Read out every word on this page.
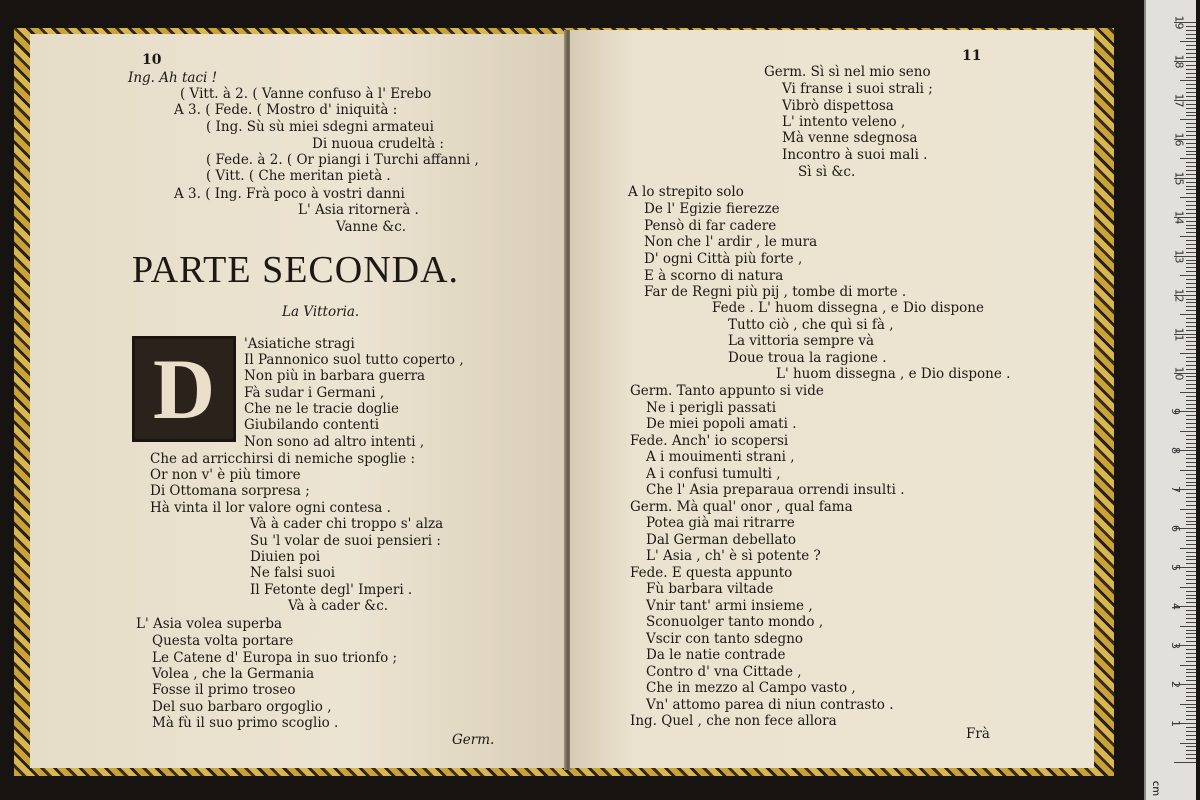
10
Ing. Ah taci !
( Vitt. à 2. ( Vanne confuso à l' Erebo
A 3. ( Fede. ( Mostro d' iniquità :
( Ing. Sù sù miei sdegni armateui
Di nuoua crudeltà :
( Fede. à 2. ( Or piangi i Turchi affanni ,
( Vitt. ( Che meritan pietà .
A 3. ( Ing. Frà poco à vostri danni
L' Asia ritornerà .
Vanne &c.
PARTE SECONDA.
La Vittoria.
D 'Asiatiche stragi
Il Pannonico suol tutto coperto ,
Non più in barbara guerra
Fà sudar i Germani ,
Che ne le tracie doglie
Giubilando contenti
Non sono ad altro intenti ,
Che ad arricchirsi di nemiche spoglie :
Or non v' è più timore
Di Ottomana sorpresa ;
Hà vinta il lor valore ogni contesa .
Và à cader chi troppo s' alza
Su 'l volar de suoi pensieri :
Diuien poi
Ne falsi suoi
Il Fetonte degl' Imperi .
Và à cader &c.
L' Asia volea superba
Questa volta portare
Le Catene d' Europa in suo trionfo ;
Volea , che la Germania
Fosse il primo troseo
Del suo barbaro orgoglio ,
Mà fù il suo primo scoglio .
Germ.
11
Germ. Sì sì nel mio seno
Vi franse i suoi strali ;
Vibrò dispettosa
L' intento veleno ,
Mà venne sdegnosa
Incontro à suoi mali .
Sì sì &c.
A lo strepito solo
De l' Egizie fierezze
Pensò di far cadere
Non che l' ardir , le mura
D' ogni Città più forte ,
E à scorno di natura
Far de Regni più pij , tombe di morte .
Fede . L' huom dissegna , e Dio dispone
Tutto ciò , che quì si fà ,
La vittoria sempre và
Doue troua la ragione .
L' huom dissegna , e Dio dispone .
Germ. Tanto appunto si vide
Ne i perigli passati
De miei popoli amati .
Fede. Anch' io scopersi
A i mouimenti strani ,
A i confusi tumulti ,
Che l' Asia preparaua orrendi insulti .
Germ. Mà qual' onor , qual fama
Potea già mai ritrarre
Dal German debellato
L' Asia , ch' è sì potente ?
Fede. E questa appunto
Fù barbara viltade
Vnir tant' armi insieme ,
Sconuolger tanto mondo ,
Vscir con tanto sdegno
Da le natie contrade
Contro d' vna Cittade ,
Che in mezzo al Campo vasto ,
Vn' attomo parea di niun contrasto .
Ing. Quel , che non fece allora
Frà
1
2
3
4
5
6
7
8
9
10
11
12
13
14
15
16
17
18
19
cm
